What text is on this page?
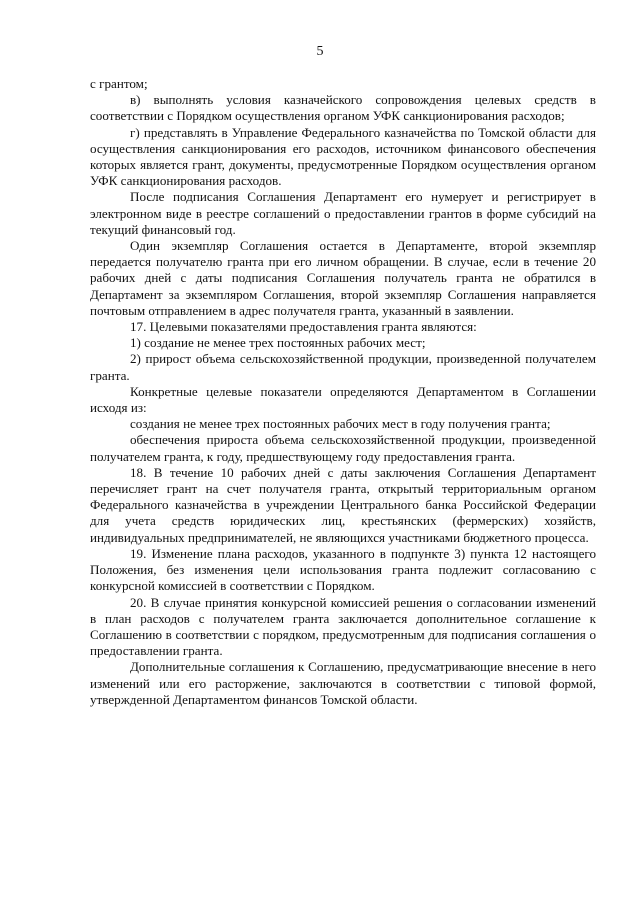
5

с грантом;

в) выполнять условия казначейского сопровождения целевых средств в соответствии с Порядком осуществления органом УФК санкционирования расходов;

г) представлять в Управление Федерального казначейства по Томской области для осуществления санкционирования его расходов, источником финансового обеспечения которых является грант, документы, предусмотренные Порядком осуществления органом УФК санкционирования расходов.

После подписания Соглашения Департамент его нумерует и регистрирует в электронном виде в реестре соглашений о предоставлении грантов в форме субсидий на текущий финансовый год.

Один экземпляр Соглашения остается в Департаменте, второй экземпляр передается получателю гранта при его личном обращении. В случае, если в течение 20 рабочих дней с даты подписания Соглашения получатель гранта не обратился в Департамент за экземпляром Соглашения, второй экземпляр Соглашения направляется почтовым отправлением в адрес получателя гранта, указанный в заявлении.

17. Целевыми показателями предоставления гранта являются:

1) создание не менее трех постоянных рабочих мест;

2) прирост объема сельскохозяйственной продукции, произведенной получателем гранта.

Конкретные целевые показатели определяются Департаментом в Соглашении исходя из:

создания не менее трех постоянных рабочих мест в году получения гранта;

обеспечения прироста объема сельскохозяйственной продукции, произведенной получателем гранта, к году, предшествующему году предоставления гранта.

18. В течение 10 рабочих дней с даты заключения Соглашения Департамент перечисляет грант на счет получателя гранта, открытый территориальным органом Федерального казначейства в учреждении Центрального банка Российской Федерации для учета средств юридических лиц, крестьянских (фермерских) хозяйств, индивидуальных предпринимателей, не являющихся участниками бюджетного процесса.

19. Изменение плана расходов, указанного в подпункте 3) пункта 12 настоящего Положения, без изменения цели использования гранта подлежит согласованию с конкурсной комиссией в соответствии с Порядком.

20. В случае принятия конкурсной комиссией решения о согласовании изменений в план расходов с получателем гранта заключается дополнительное соглашение к Соглашению в соответствии с порядком, предусмотренным для подписания соглашения о предоставлении гранта.

Дополнительные соглашения к Соглашению, предусматривающие внесение в него изменений или его расторжение, заключаются в соответствии с типовой формой, утвержденной Департаментом финансов Томской области.
